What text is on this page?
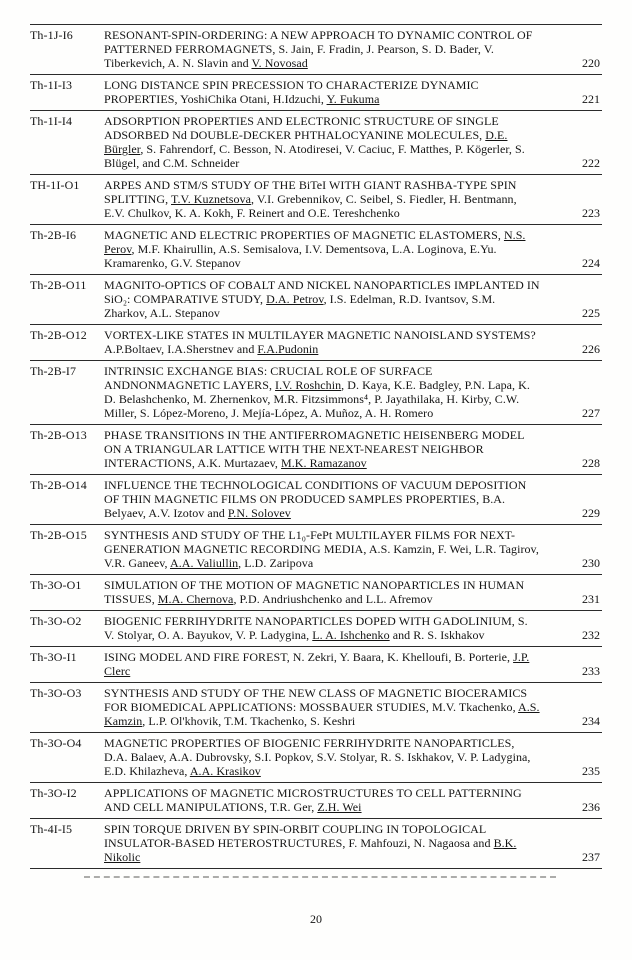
Th-1J-I6	RESONANT-SPIN-ORDERING: A NEW APPROACH TO DYNAMIC CONTROL OF PATTERNED FERROMAGNETS, S. Jain, F. Fradin, J. Pearson, S. D. Bader, V. Tiberkevich, A. N. Slavin and V. Novosad	220
Th-1I-I3	LONG DISTANCE SPIN PRECESSION TO CHARACTERIZE DYNAMIC PROPERTIES, YoshiChika Otani, H.Idzuchi, Y. Fukuma	221
Th-1I-I4	ADSORPTION PROPERTIES AND ELECTRONIC STRUCTURE OF SINGLE ADSORBED Nd DOUBLE-DECKER PHTHALOCYANINE MOLECULES, D.E. Bürgler, S. Fahrendorf, C. Besson, N. Atodiresei, V. Caciuc, F. Matthes, P. Kögerler, S. Blügel, and C.M. Schneider	222
TH-1I-O1	ARPES AND STM/S STUDY OF THE BiTeI WITH GIANT RASHBA-TYPE SPIN SPLITTING, T.V. Kuznetsova, V.I. Grebennikov, C. Seibel, S. Fiedler, H. Bentmann, E.V. Chulkov, K. A. Kokh, F. Reinert and O.E. Tereshchenko	223
Th-2B-I6	MAGNETIC AND ELECTRIC PROPERTIES OF MAGNETIC ELASTOMERS, N.S. Perov, M.F. Khairullin, A.S. Semisalova, I.V. Dementsova, L.A. Loginova, E.Yu. Kramarenko, G.V. Stepanov	224
Th-2B-O11	MAGNITO-OPTICS OF COBALT AND NICKEL NANOPARTICLES IMPLANTED IN SiO₂: COMPARATIVE STUDY, D.A. Petrov, I.S. Edelman, R.D. Ivantsov, S.M. Zharkov, A.L. Stepanov	225
Th-2B-O12	VORTEX-LIKE STATES IN MULTILAYER MAGNETIC NANOISLAND SYSTEMS? A.P.Boltaev, I.A.Sherstnev and F.A.Pudonin	226
Th-2B-I7	INTRINSIC EXCHANGE BIAS: CRUCIAL ROLE OF SURFACE ANDNONMAGNETIC LAYERS, I.V. Roshchin, D. Kaya, K.E. Badgley, P.N. Lapa, K. D. Belashchenko, M. Zhernenkov, M.R. Fitzsimmons⁴, P. Jayathilaka, H. Kirby, C.W. Miller, S. López-Moreno, J. Mejía-López, A. Muñoz, A. H. Romero	227
Th-2B-O13	PHASE TRANSITIONS IN THE ANTIFERROMAGNETIC HEISENBERG MODEL ON A TRIANGULAR LATTICE WITH THE NEXT-NEAREST NEIGHBOR INTERACTIONS, A.K. Murtazaev, M.K. Ramazanov	228
Th-2B-O14	INFLUENCE THE TECHNOLOGICAL CONDITIONS OF VACUUM DEPOSITION OF THIN MAGNETIC FILMS ON PRODUCED SAMPLES PROPERTIES, B.A. Belyaev, A.V. Izotov and P.N. Solovev	229
Th-2B-O15	SYNTHESIS AND STUDY OF THE L1₀-FePt MULTILAYER FILMS FOR NEXT-GENERATION MAGNETIC RECORDING MEDIA, A.S. Kamzin, F. Wei, L.R. Tagirov, V.R. Ganeev, A.A. Valiullin, L.D. Zaripova	230
Th-3O-O1	SIMULATION OF THE MOTION OF MAGNETIC NANOPARTICLES IN HUMAN TISSUES, M.A. Chernova, P.D. Andriushchenko and L.L. Afremov	231
Th-3O-O2	BIOGENIC FERRIHYDRITE NANOPARTICLES DOPED WITH GADOLINIUM, S. V. Stolyar, O. A. Bayukov, V. P. Ladygina, L. A. Ishchenko and R. S. Iskhakov	232
Th-3O-I1	ISING MODEL AND FIRE FOREST, N. Zekri, Y. Baara, K. Khelloufi, B. Porterie, J.P. Clerc	233
Th-3O-O3	SYNTHESIS AND STUDY OF THE NEW CLASS OF MAGNETIC BIOCERAMICS FOR BIOMEDICAL APPLICATIONS: MOSSBAUER STUDIES, M.V. Tkachenko, A.S. Kamzin, L.P. Ol'khovik, T.M. Tkachenko, S. Keshri	234
Th-3O-O4	MAGNETIC PROPERTIES OF BIOGENIC FERRIHYDRITE NANOPARTICLES, D.A. Balaev, A.A. Dubrovsky, S.I. Popkov, S.V. Stolyar, R. S. Iskhakov, V. P. Ladygina, E.D. Khilazheva, A.A. Krasikov	235
Th-3O-I2	APPLICATIONS OF MAGNETIC MICROSTRUCTURES TO CELL PATTERNING AND CELL MANIPULATIONS, T.R. Ger, Z.H. Wei	236
Th-4I-I5	SPIN TORQUE DRIVEN BY SPIN-ORBIT COUPLING IN TOPOLOGICAL INSULATOR-BASED HETEROSTRUCTURES, F. Mahfouzi, N. Nagaosa and B.K. Nikolic	237
20
